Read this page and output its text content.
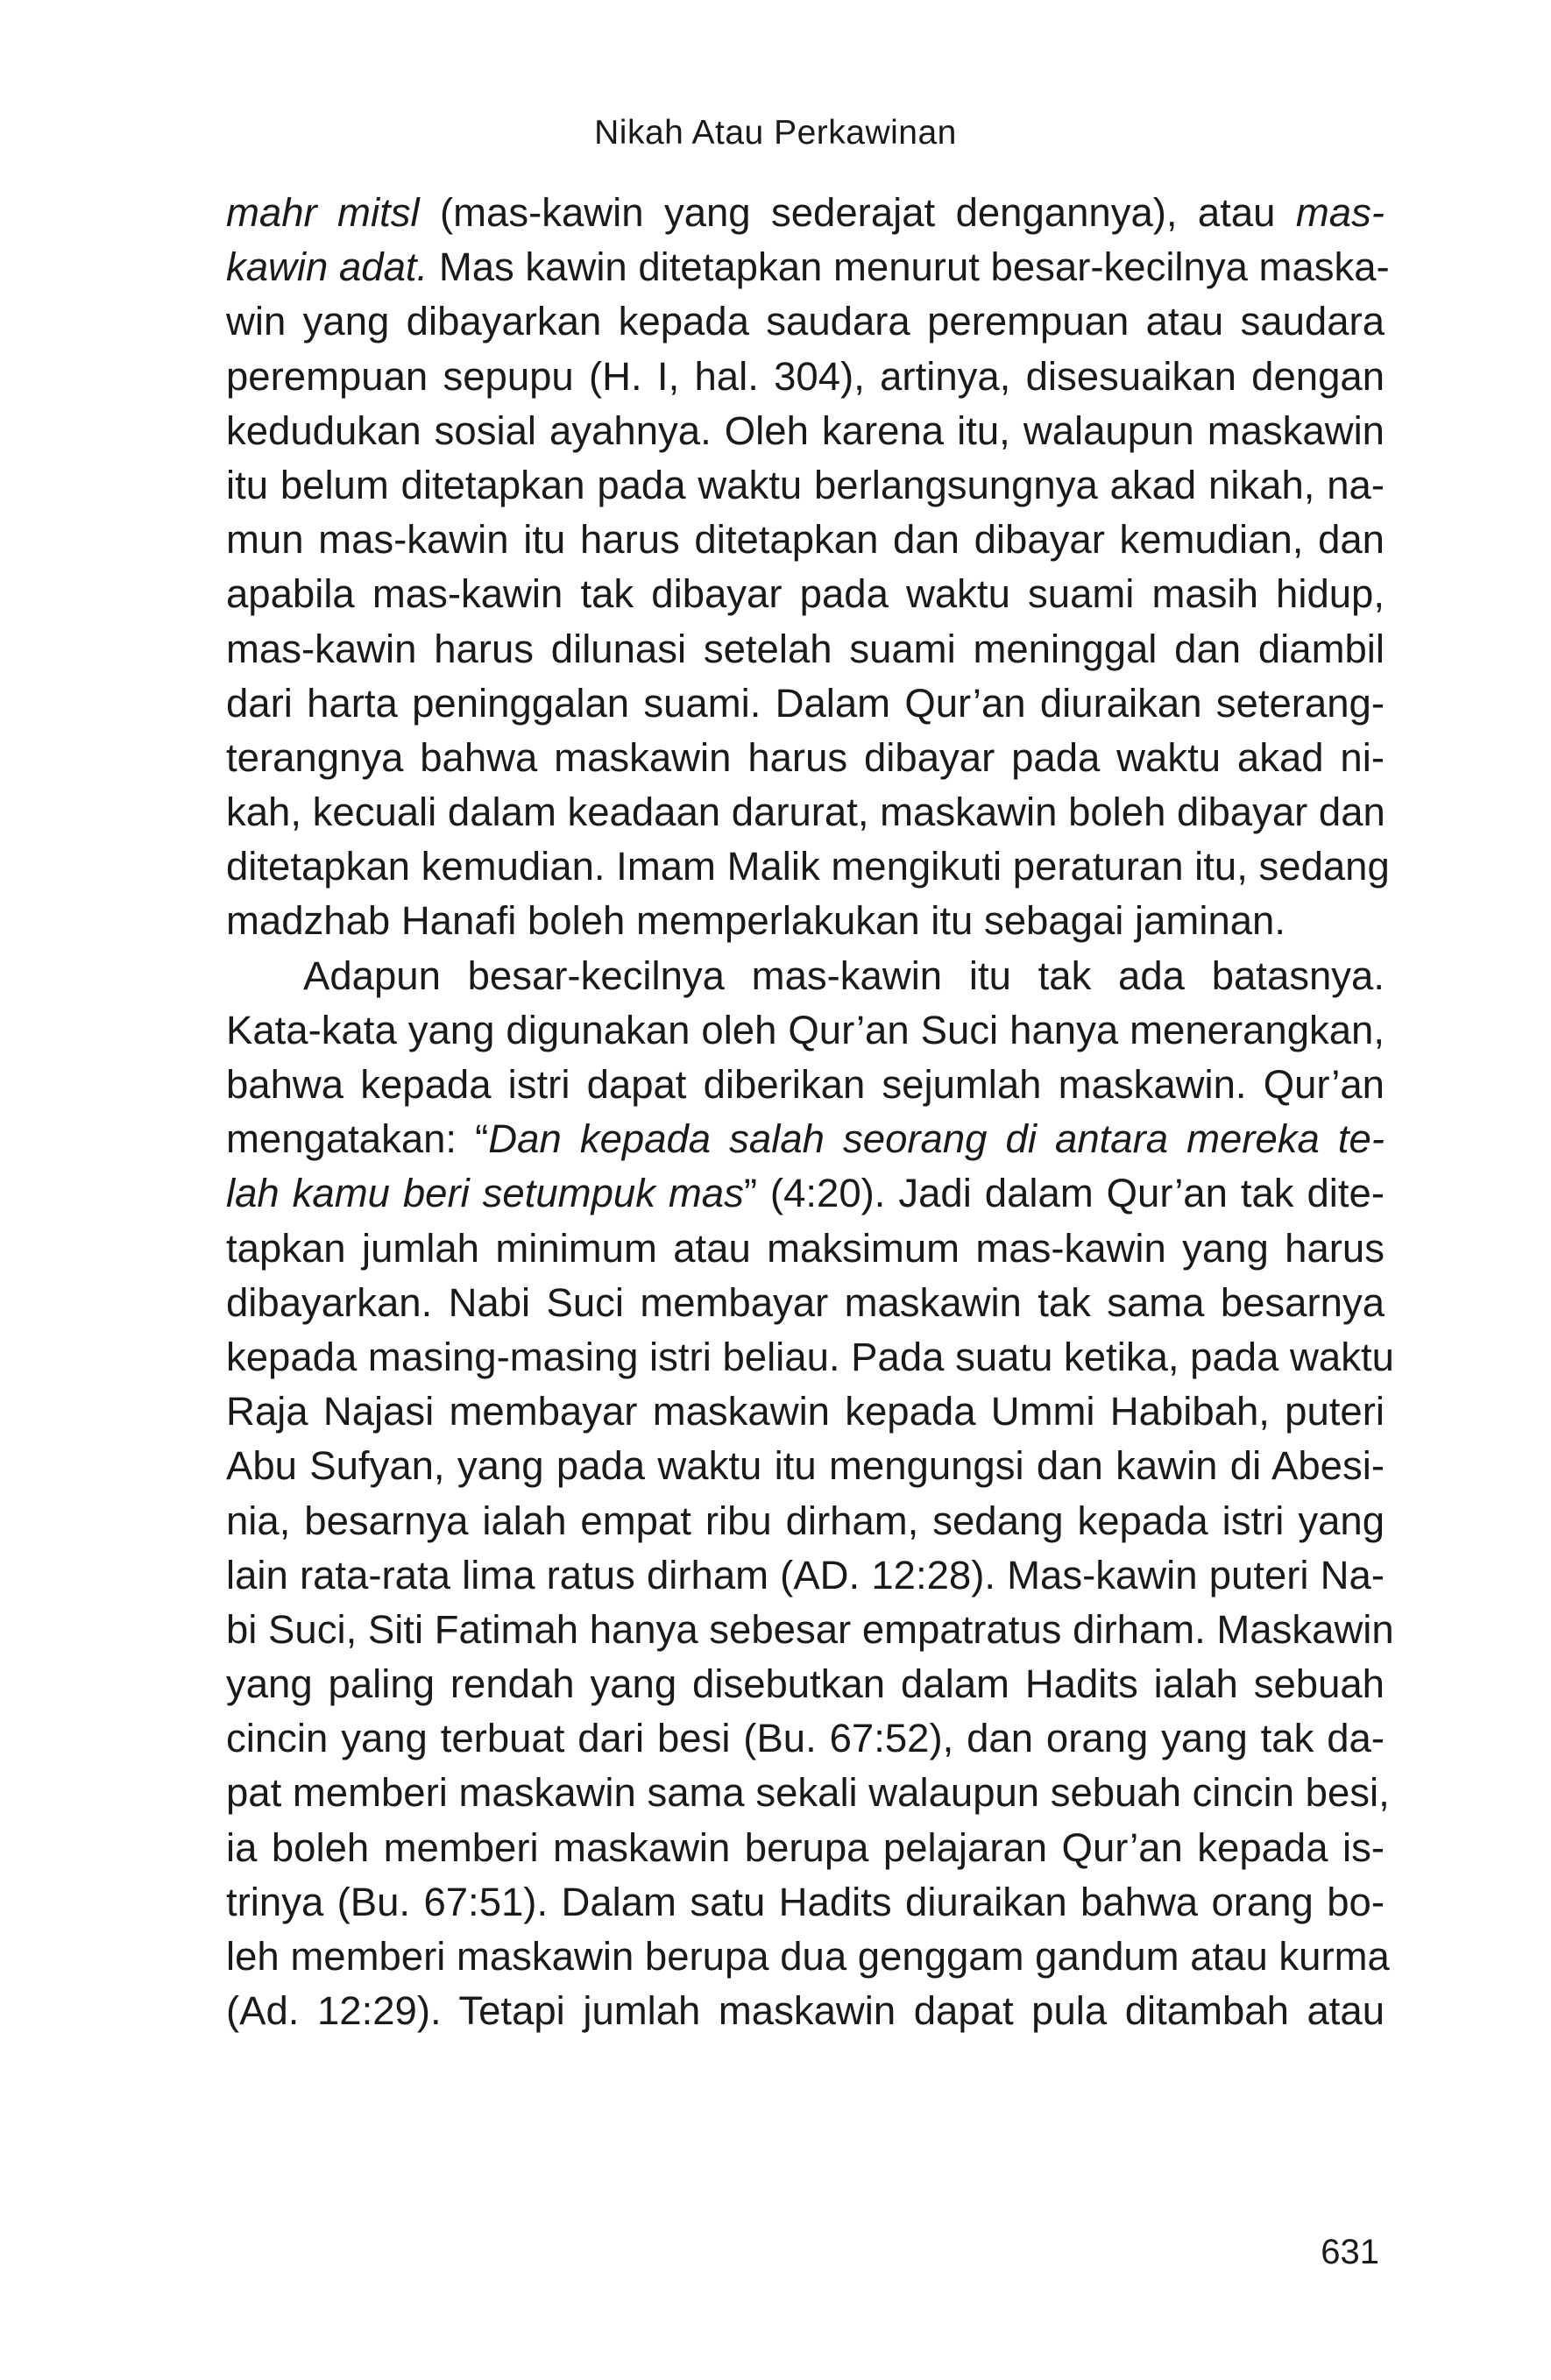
Nikah Atau Perkawinan
mahr mitsl (mas-kawin yang sederajat dengannya), atau mas-
kawin adat. Mas kawin ditetapkan menurut besar-kecilnya maska-
win yang dibayarkan kepada saudara perempuan atau saudara
perempuan sepupu (H. I, hal. 304), artinya, disesuaikan dengan
kedudukan sosial ayahnya. Oleh karena itu, walaupun maskawin
itu belum ditetapkan pada waktu berlangsungnya akad nikah, na-
mun mas-kawin itu harus ditetapkan dan dibayar kemudian, dan
apabila mas-kawin tak dibayar pada waktu suami masih hidup,
mas-kawin harus dilunasi setelah suami meninggal dan diambil
dari harta peninggalan suami. Dalam Qur’an diuraikan seterang-
terangnya bahwa maskawin harus dibayar pada waktu akad ni-
kah, kecuali dalam keadaan darurat, maskawin boleh dibayar dan
ditetapkan kemudian. Imam Malik mengikuti peraturan itu, sedang
madzhab Hanafi boleh memperlakukan itu sebagai jaminan.
Adapun besar-kecilnya mas-kawin itu tak ada batasnya.
Kata-kata yang digunakan oleh Qur’an Suci hanya menerangkan,
bahwa kepada istri dapat diberikan sejumlah maskawin. Qur’an
mengatakan: “Dan kepada salah seorang di antara mereka te-
lah kamu beri setumpuk mas” (4:20). Jadi dalam Qur’an tak dite-
tapkan jumlah minimum atau maksimum mas-kawin yang harus
dibayarkan. Nabi Suci membayar maskawin tak sama besarnya
kepada masing-masing istri beliau. Pada suatu ketika, pada waktu
Raja Najasi membayar maskawin kepada Ummi Habibah, puteri
Abu Sufyan, yang pada waktu itu mengungsi dan kawin di Abesi-
nia, besarnya ialah empat ribu dirham, sedang kepada istri yang
lain rata-rata lima ratus dirham (AD. 12:28). Mas-kawin puteri Na-
bi Suci, Siti Fatimah hanya sebesar empatratus dirham. Maskawin
yang paling rendah yang disebutkan dalam Hadits ialah sebuah
cincin yang terbuat dari besi (Bu. 67:52), dan orang yang tak da-
pat memberi maskawin sama sekali walaupun sebuah cincin besi,
ia boleh memberi maskawin berupa pelajaran Qur’an kepada is-
trinya (Bu. 67:51). Dalam satu Hadits diuraikan bahwa orang bo-
leh memberi maskawin berupa dua genggam gandum atau kurma
(Ad. 12:29). Tetapi jumlah maskawin dapat pula ditambah atau
631
